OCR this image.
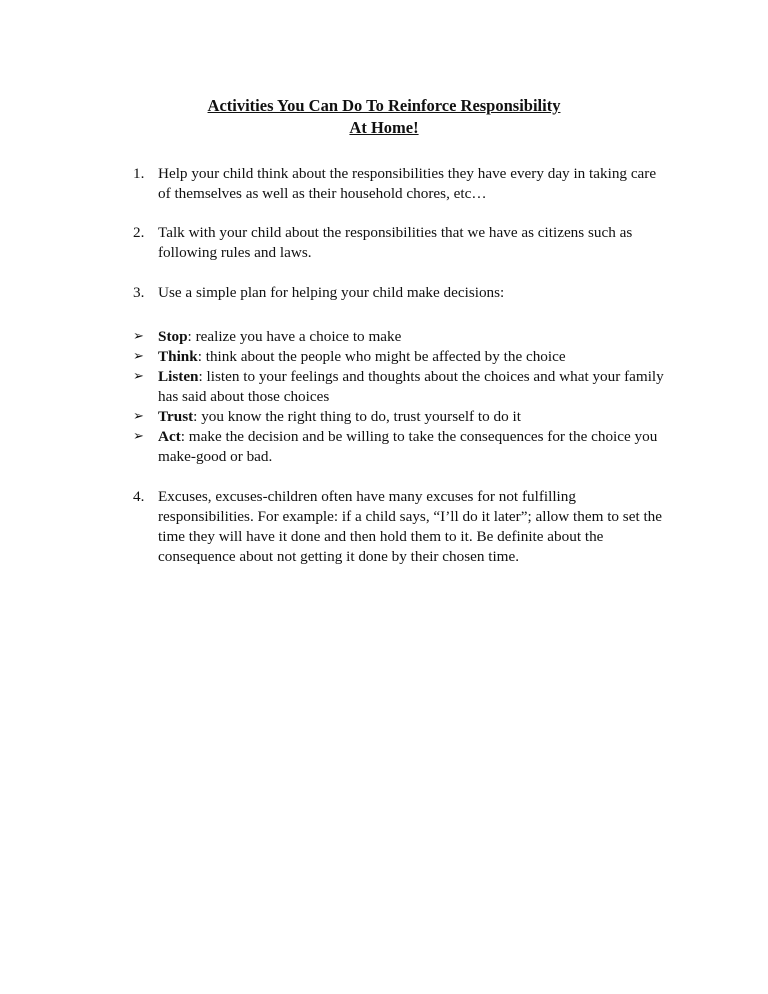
Activities You Can Do To Reinforce Responsibility
At Home!
1. Help your child think about the responsibilities they have every day in taking care of themselves as well as their household chores, etc…
2. Talk with your child about the responsibilities that we have as citizens such as following rules and laws.
3. Use a simple plan for helping your child make decisions:
➢ Stop: realize you have a choice to make
➢ Think: think about the people who might be affected by the choice
➢ Listen: listen to your feelings and thoughts about the choices and what your family has said about those choices
➢ Trust: you know the right thing to do, trust yourself to do it
➢ Act: make the decision and be willing to take the consequences for the choice you make-good or bad.
4. Excuses, excuses-children often have many excuses for not fulfilling responsibilities. For example: if a child says, “I’ll do it later”; allow them to set the time they will have it done and then hold them to it. Be definite about the consequence about not getting it done by their chosen time.
